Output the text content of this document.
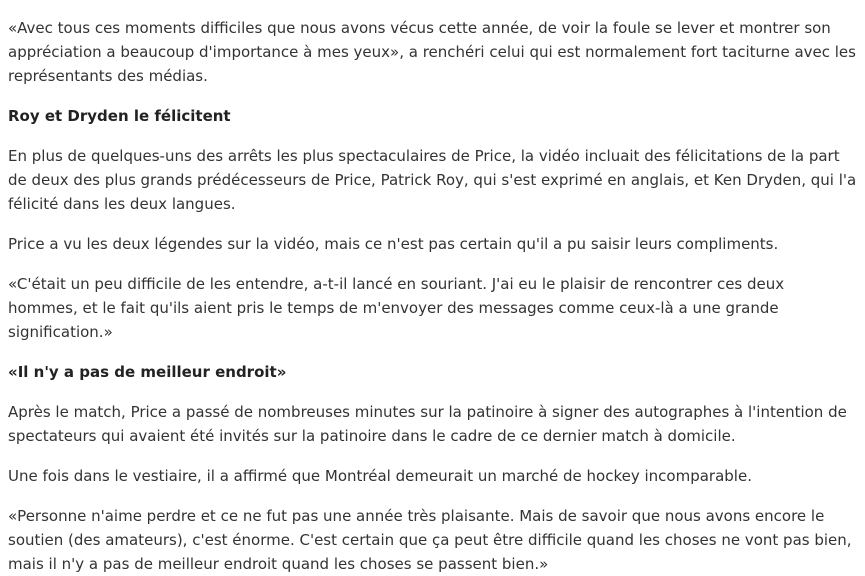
«Avec tous ces moments difficiles que nous avons vécus cette année, de voir la foule se lever et montrer son appréciation a beaucoup d'importance à mes yeux», a renchéri celui qui est normalement fort taciturne avec les représentants des médias.

Roy et Dryden le félicitent

En plus de quelques-uns des arrêts les plus spectaculaires de Price, la vidéo incluait des félicitations de la part de deux des plus grands prédécesseurs de Price, Patrick Roy, qui s'est exprimé en anglais, et Ken Dryden, qui l'a félicité dans les deux langues.

Price a vu les deux légendes sur la vidéo, mais ce n'est pas certain qu'il a pu saisir leurs compliments.

«C'était un peu difficile de les entendre, a-t-il lancé en souriant. J'ai eu le plaisir de rencontrer ces deux hommes, et le fait qu'ils aient pris le temps de m'envoyer des messages comme ceux-là a une grande signification.»

«Il n'y a pas de meilleur endroit»

Après le match, Price a passé de nombreuses minutes sur la patinoire à signer des autographes à l'intention de spectateurs qui avaient été invités sur la patinoire dans le cadre de ce dernier match à domicile.

Une fois dans le vestiaire, il a affirmé que Montréal demeurait un marché de hockey incomparable.

«Personne n'aime perdre et ce ne fut pas une année très plaisante. Mais de savoir que nous avons encore le soutien (des amateurs), c'est énorme. C'est certain que ça peut être difficile quand les choses ne vont pas bien, mais il n'y a pas de meilleur endroit quand les choses se passent bien.»
